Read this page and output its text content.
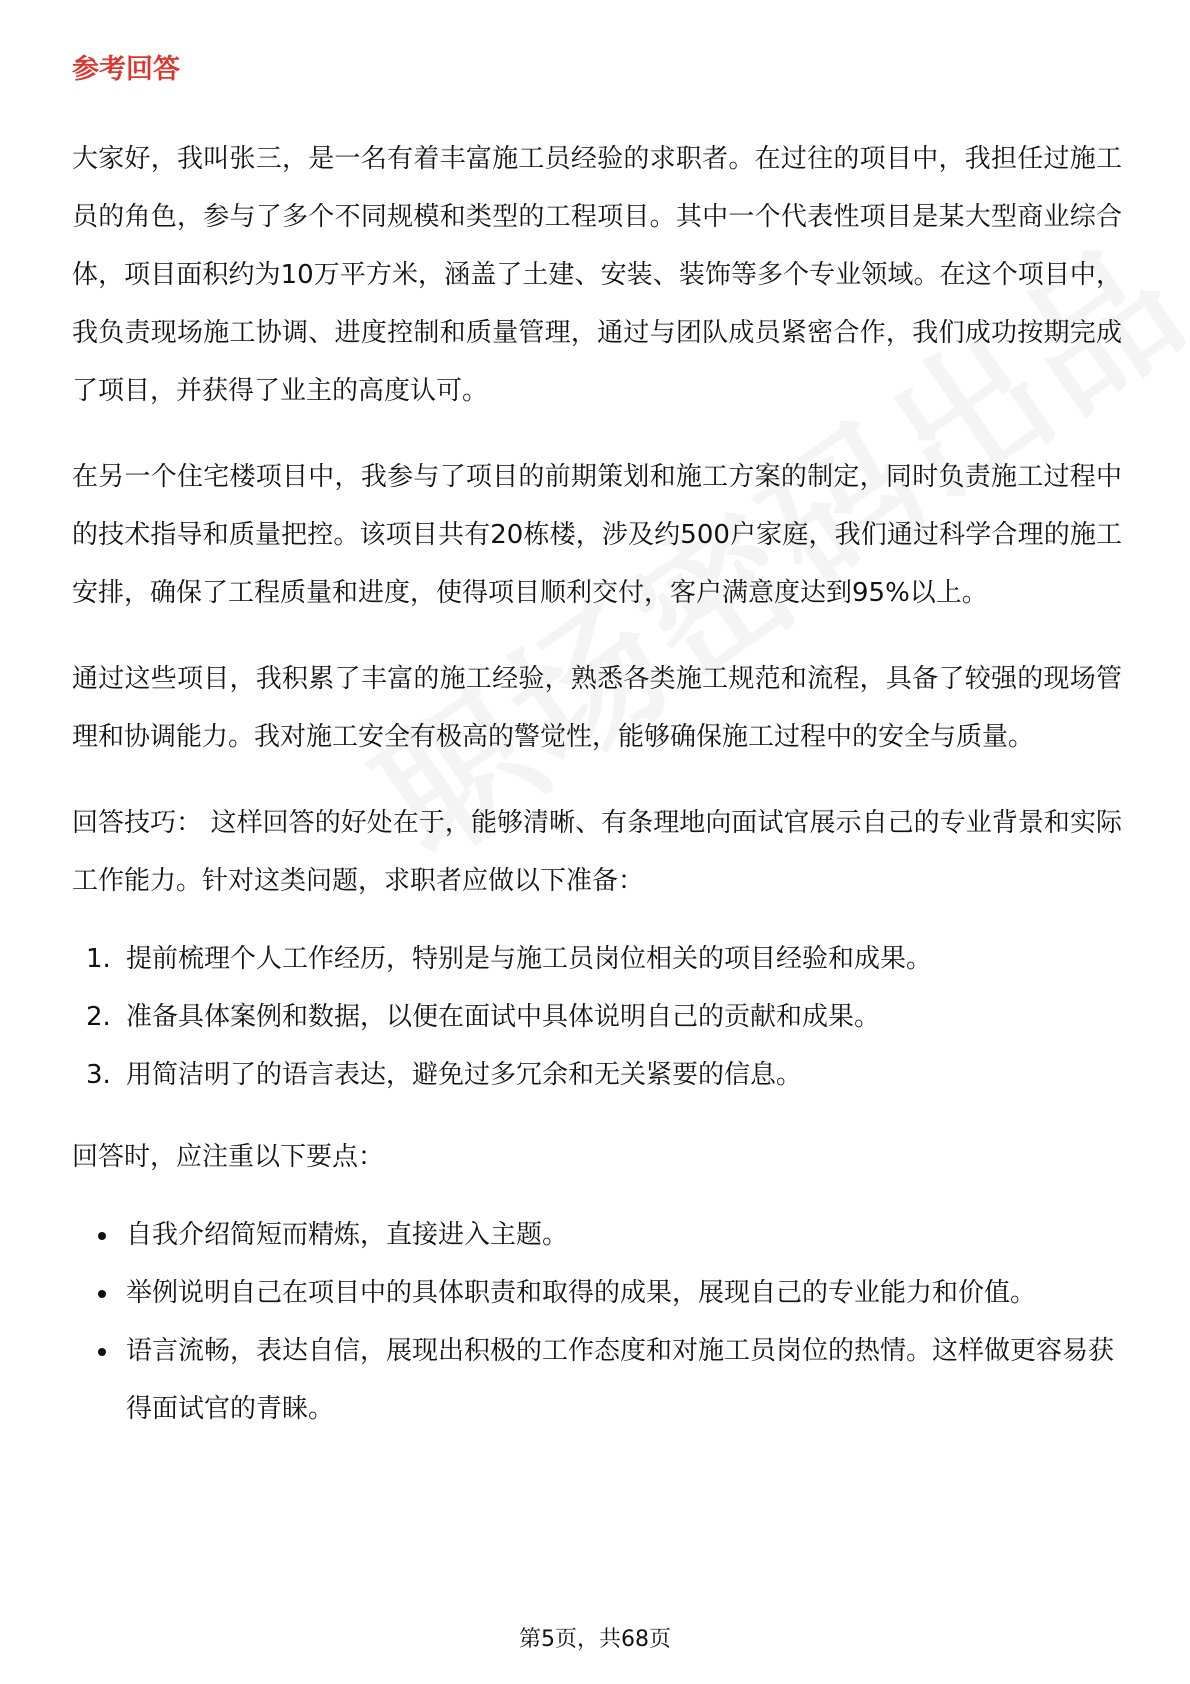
参考回答

大家好，我叫张三，是一名有着丰富施工员经验的求职者。在过往的项目中，我担任过施工员的角色，参与了多个不同规模和类型的工程项目。其中一个代表性项目是某大型商业综合体，项目面积约为10万平方米，涵盖了土建、安装、装饰等多个专业领域。在这个项目中，我负责现场施工协调、进度控制和质量管理，通过与团队成员紧密合作，我们成功按期完成了项目，并获得了业主的高度认可。

在另一个住宅楼项目中，我参与了项目的前期策划和施工方案的制定，同时负责施工过程中的技术指导和质量把控。该项目共有20栋楼，涉及约500户家庭，我们通过科学合理的施工安排，确保了工程质量和进度，使得项目顺利交付，客户满意度达到95%以上。

通过这些项目，我积累了丰富的施工经验，熟悉各类施工规范和流程，具备了较强的现场管理和协调能力。我对施工安全有极高的警觉性，能够确保施工过程中的安全与质量。

回答技巧： 这样回答的好处在于，能够清晰、有条理地向面试官展示自己的专业背景和实际工作能力。针对这类问题，求职者应做以下准备：

1. 提前梳理个人工作经历，特别是与施工员岗位相关的项目经验和成果。
2. 准备具体案例和数据，以便在面试中具体说明自己的贡献和成果。
3. 用简洁明了的语言表达，避免过多冗余和无关紧要的信息。

回答时，应注重以下要点：

自我介绍简短而精炼，直接进入主题。
举例说明自己在项目中的具体职责和取得的成果，展现自己的专业能力和价值。
语言流畅，表达自信，展现出积极的工作态度和对施工员岗位的热情。这样做更容易获得面试官的青睐。
第5页，共68页
